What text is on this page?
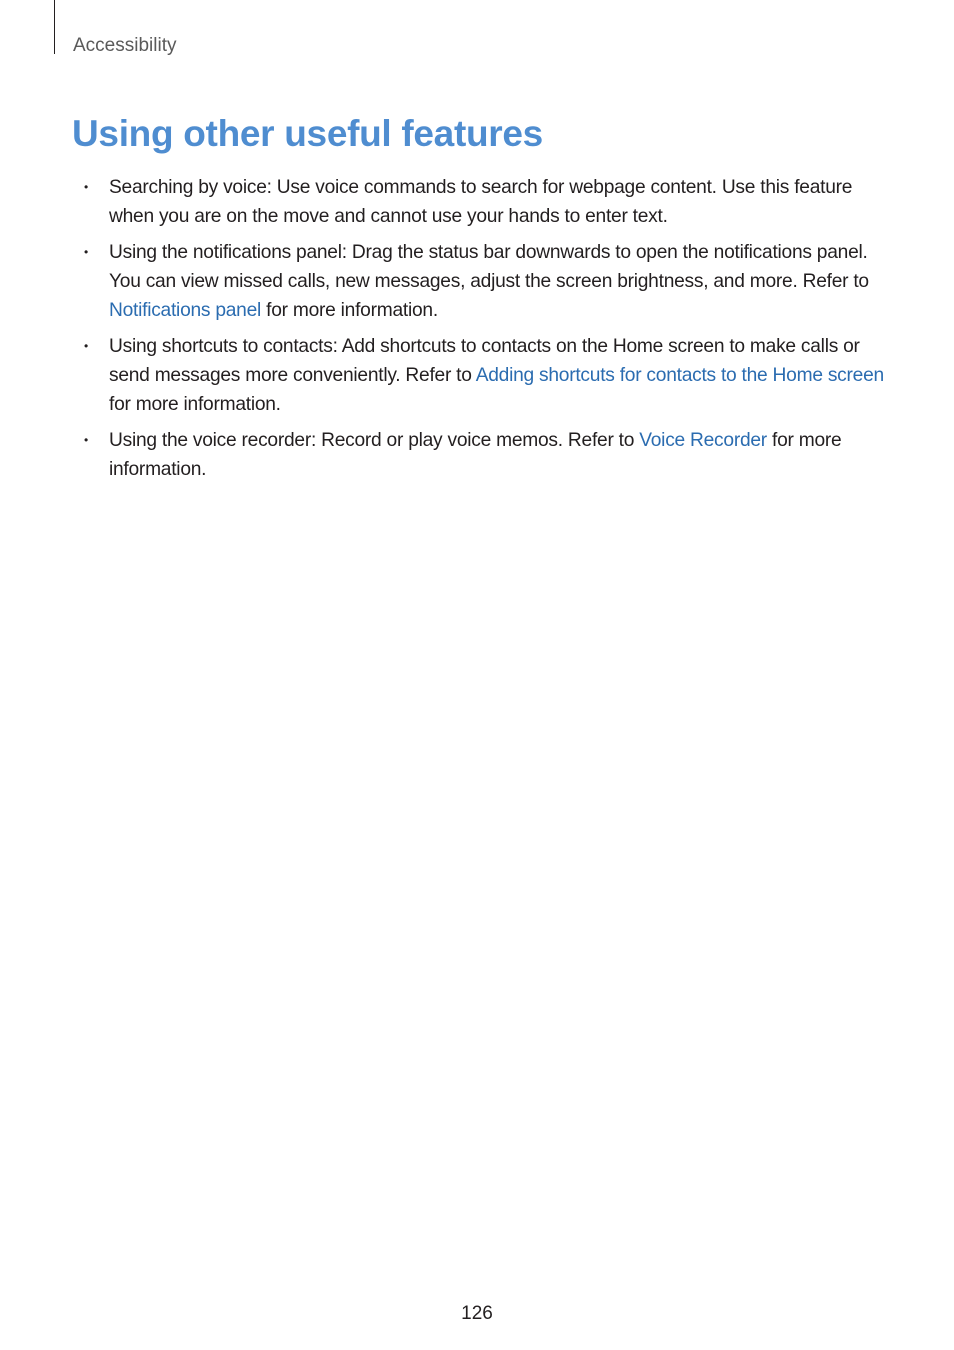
Accessibility
Using other useful features
•	Searching by voice: Use voice commands to search for webpage content. Use this feature when you are on the move and cannot use your hands to enter text.
•	Using the notifications panel: Drag the status bar downwards to open the notifications panel. You can view missed calls, new messages, adjust the screen brightness, and more. Refer to Notifications panel for more information.
•	Using shortcuts to contacts: Add shortcuts to contacts on the Home screen to make calls or send messages more conveniently. Refer to Adding shortcuts for contacts to the Home screen for more information.
•	Using the voice recorder: Record or play voice memos. Refer to Voice Recorder for more information.
126
